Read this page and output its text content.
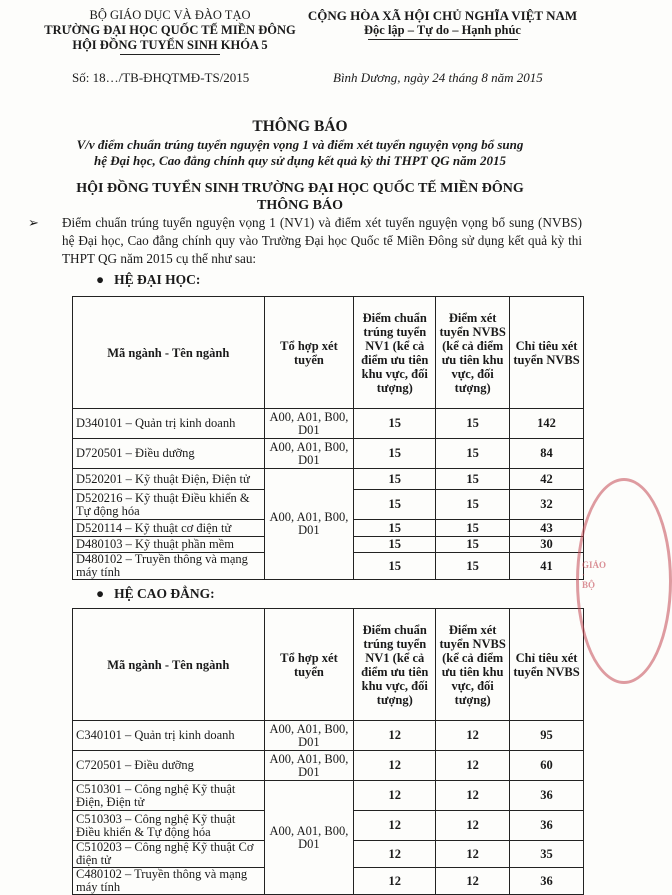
BỘ GIÁO DỤC VÀ ĐÀO TẠO
TRƯỜNG ĐẠI HỌC QUỐC TẾ MIỀN ĐÔNG
HỘI ĐỒNG TUYỂN SINH KHÓA 5
CỘNG HÒA XÃ HỘI CHỦ NGHĨA VIỆT NAM
Độc lập – Tự do – Hạnh phúc
Số: 18…/TB-ĐHQTMĐ-TS/2015	Bình Dương, ngày 24 tháng 8 năm 2015
THÔNG BÁO
V/v điểm chuẩn trúng tuyển nguyện vọng 1 và điểm xét tuyển nguyện vọng bổ sung
hệ Đại học, Cao đẳng chính quy sử dụng kết quả kỳ thi THPT QG năm 2015
HỘI ĐỒNG TUYỂN SINH TRƯỜNG ĐẠI HỌC QUỐC TẾ MIỀN ĐÔNG
THÔNG BÁO
➢ Điểm chuẩn trúng tuyển nguyện vọng 1 (NV1) và điểm xét tuyển nguyện vọng bổ sung (NVBS) hệ Đại học, Cao đẳng chính quy vào Trường Đại học Quốc tế Miền Đông sử dụng kết quả kỳ thi THPT QG năm 2015 cụ thể như sau:

● HỆ ĐẠI HỌC:
Mã ngành - Tên ngành	Tổ hợp xét tuyển	Điểm chuẩn trúng tuyển NV1 (kể cả điểm ưu tiên khu vực, đối tượng)	Điểm xét tuyển NVBS (kể cả điểm ưu tiên khu vực, đối tượng)	Chỉ tiêu xét tuyển NVBS
D340101 – Quản trị kinh doanh	A00, A01, B00, D01	15	15	142
D720501 – Điều dưỡng	A00, A01, B00, D01	15	15	84
D520201 – Kỹ thuật Điện, Điện tử	A00, A01, B00, D01	15	15	42
D520216 – Kỹ thuật Điều khiển & Tự động hóa		15	15	32
D520114 – Kỹ thuật cơ điện tử		15	15	43
D480103 – Kỹ thuật phần mềm		15	15	30
D480102 – Truyền thông và mạng máy tính		15	15	41
● HỆ CAO ĐẲNG:
Mã ngành - Tên ngành	Tổ hợp xét tuyển	Điểm chuẩn trúng tuyển NV1 (kể cả điểm ưu tiên khu vực, đối tượng)	Điểm xét tuyển NVBS (kể cả điểm ưu tiên khu vực, đối tượng)	Chỉ tiêu xét tuyển NVBS
C340101 – Quản trị kinh doanh	A00, A01, B00, D01	12	12	95
C720501 – Điều dưỡng	A00, A01, B00, D01	12	12	60
C510301 – Công nghệ Kỹ thuật Điện, Điện tử	A00, A01, B00, D01	12	12	36
C510303 – Công nghệ Kỹ thuật Điều khiển & Tự động hóa		12	12	36
C510203 – Công nghệ Kỹ thuật Cơ điện tử		12	12	35
C480102 – Truyền thông và mạng máy tính		12	12	36
GIÁO · BỘ
